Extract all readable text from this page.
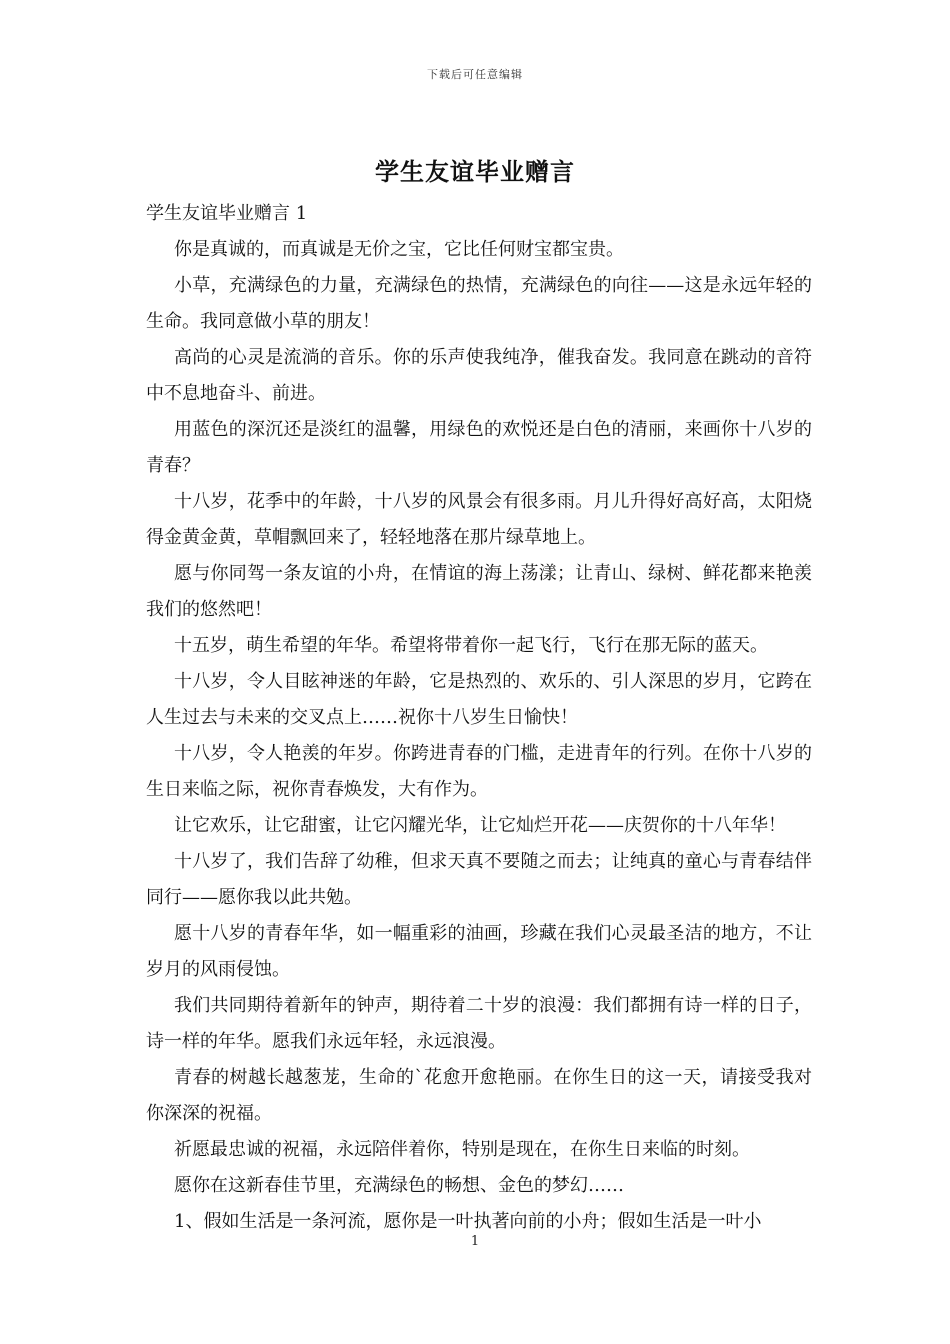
下载后可任意编辑
学生友谊毕业赠言

学生友谊毕业赠言 1

你是真诚的，而真诚是无价之宝，它比任何财宝都宝贵。

小草，充满绿色的力量，充满绿色的热情，充满绿色的向往——这是永远年轻的生命。我同意做小草的朋友！

高尚的心灵是流淌的音乐。你的乐声使我纯净，催我奋发。我同意在跳动的音符中不息地奋斗、前进。

用蓝色的深沉还是淡红的温馨，用绿色的欢悦还是白色的清丽，来画你十八岁的青春？

十八岁，花季中的年龄，十八岁的风景会有很多雨。月儿升得好高好高，太阳烧得金黄金黄，草帽飘回来了，轻轻地落在那片绿草地上。

愿与你同驾一条友谊的小舟，在情谊的海上荡漾；让青山、绿树、鲜花都来艳羡我们的悠然吧！

十五岁，萌生希望的年华。希望将带着你一起飞行，飞行在那无际的蓝天。

十八岁，令人目眩神迷的年龄，它是热烈的、欢乐的、引人深思的岁月，它跨在人生过去与未来的交叉点上……祝你十八岁生日愉快！

十八岁，令人艳羡的年岁。你跨进青春的门槛，走进青年的行列。在你十八岁的生日来临之际，祝你青春焕发，大有作为。

让它欢乐，让它甜蜜，让它闪耀光华，让它灿烂开花——庆贺你的十八年华！

十八岁了，我们告辞了幼稚，但求天真不要随之而去；让纯真的童心与青春结伴同行——愿你我以此共勉。

愿十八岁的青春年华，如一幅重彩的油画，珍藏在我们心灵最圣洁的地方，不让岁月的风雨侵蚀。

我们共同期待着新年的钟声，期待着二十岁的浪漫：我们都拥有诗一样的日子，诗一样的年华。愿我们永远年轻，永远浪漫。

青春的树越长越葱茏，生命的`花愈开愈艳丽。在你生日的这一天，请接受我对你深深的祝福。

祈愿最忠诚的祝福，永远陪伴着你，特别是现在，在你生日来临的时刻。

愿你在这新春佳节里，充满绿色的畅想、金色的梦幻……

1、假如生活是一条河流，愿你是一叶执著向前的小舟；假如生活是一叶小

1
